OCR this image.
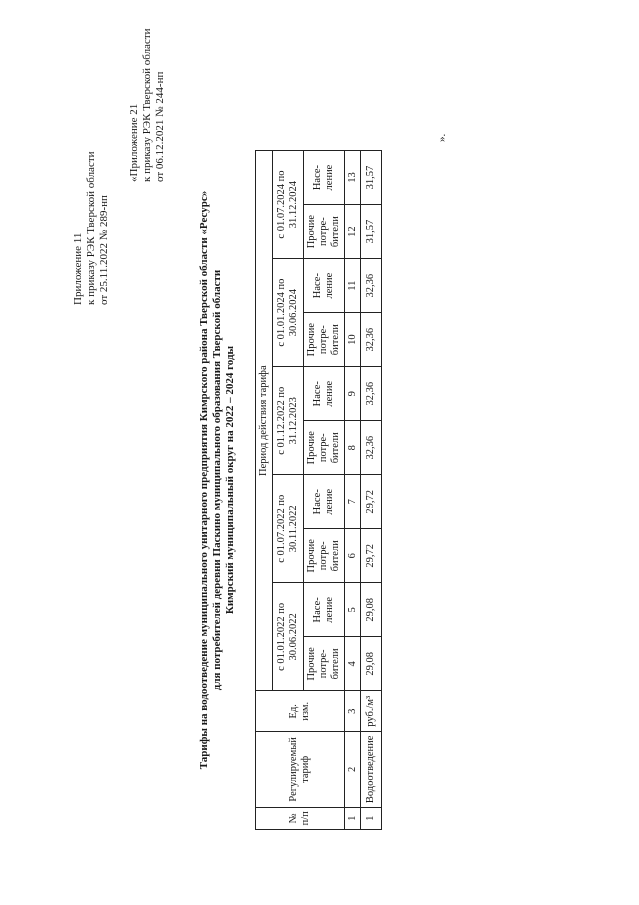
Приложение 11 к приказу РЭК Тверской области от 25.11.2022 № 289-нп
«Приложение 21 к приказу РЭК Тверской области от 06.12.2021 № 244-нп
Тарифы на водоотведение муниципального унитарного предприятия Кимрского района Тверской области «Ресурс» для потребителей деревни Паскино муниципального образования Тверской области Кимрский муниципальный округ на 2022 – 2024 годы
№ п/п	Регулируемый тариф	Ед. изм.	Период действия тарифа									
			с 01.01.2022 по 30.06.2022		с 01.07.2022 по 30.11.2022		с 01.12.2022 по 31.12.2023		с 01.01.2024 по 30.06.2024		с 01.07.2024 по 31.12.2024	
			Прочие потре-бители	Насе-ление	Прочие потре-бители	Насе-ление	Прочие потре-бители	Насе-ление	Прочие потре-бители	Насе-ление	Прочие потре-бители	Насе-ление
1	2	3	4	5	6	7	8	9	10	11	12	13
1	Водоотведение	руб./м³	29,08	29,08	29,72	29,72	32,36	32,36	32,36	32,36	31,57	31,57
».
